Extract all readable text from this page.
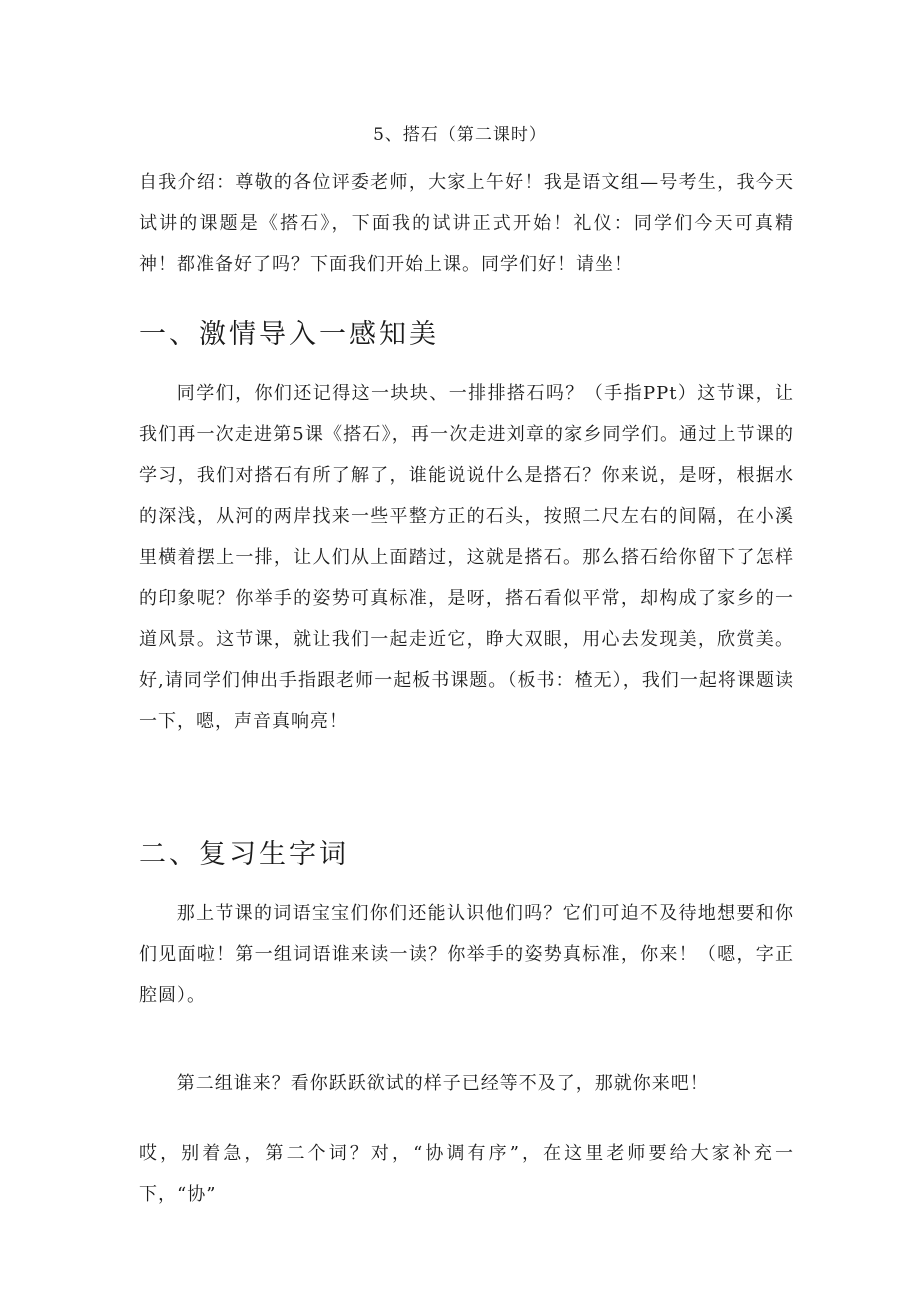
5、搭石（第二课时）

自我介绍：尊敬的各位评委老师，大家上午好！我是语文组—号考生，我今天试讲的课题是《搭石》，下面我的试讲正式开始！礼仪：同学们今天可真精神！都准备好了吗？下面我们开始上课。同学们好！请坐！

一、激情导入一感知美

同学们，你们还记得这一块块、一排排搭石吗？（手指PPt）这节课，让我们再一次走进第5课《搭石》，再一次走进刘章的家乡同学们。通过上节课的学习，我们对搭石有所了解了，谁能说说什么是搭石？你来说，是呀，根据水的深浅，从河的两岸找来一些平整方正的石头，按照二尺左右的间隔，在小溪里横着摆上一排，让人们从上面踏过，这就是搭石。那么搭石给你留下了怎样的印象呢？你举手的姿势可真标准，是呀，搭石看似平常，却构成了家乡的一道风景。这节课，就让我们一起走近它，睁大双眼，用心去发现美，欣赏美。好,请同学们伸出手指跟老师一起板书课题。（板书：楂无），我们一起将课题读一下，嗯，声音真响亮！

二、复习生字词

那上节课的词语宝宝们你们还能认识他们吗？它们可迫不及待地想要和你们见面啦！第一组词语谁来读一读？你举手的姿势真标准，你来！（嗯，字正腔圆）。

第二组谁来？看你跃跃欲试的样子已经等不及了，那就你来吧！

哎，别着急，第二个词？对，“协调有序”，在这里老师要给大家补充一下，“协”
